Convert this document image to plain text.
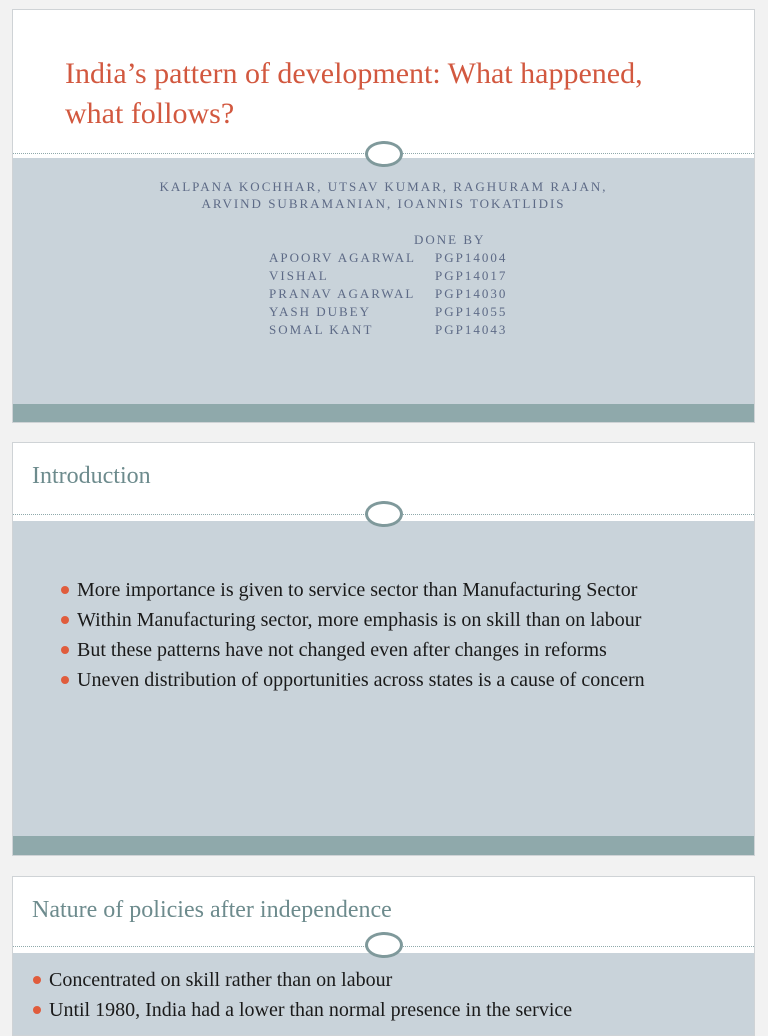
India’s pattern of development: What happened, what follows?
KALPANA KOCHHAR, UTSAV KUMAR, RAGHURAM RAJAN,
ARVIND SUBRAMANIAN, IOANNIS TOKATLIDIS
DONE BY
APOORV AGARWAL	PGP14004
VISHAL	PGP14017
PRANAV AGARWAL	PGP14030
YASH DUBEY	PGP14055
SOMAL KANT	PGP14043
Introduction
More importance is given to service sector than Manufacturing Sector
Within Manufacturing sector, more emphasis is on skill than on labour
But these patterns have not changed even after changes in reforms
Uneven distribution of opportunities across states is a cause of concern
Nature of policies after independence
Concentrated on skill rather than on labour
Until 1980, India had a lower than normal presence in the service
